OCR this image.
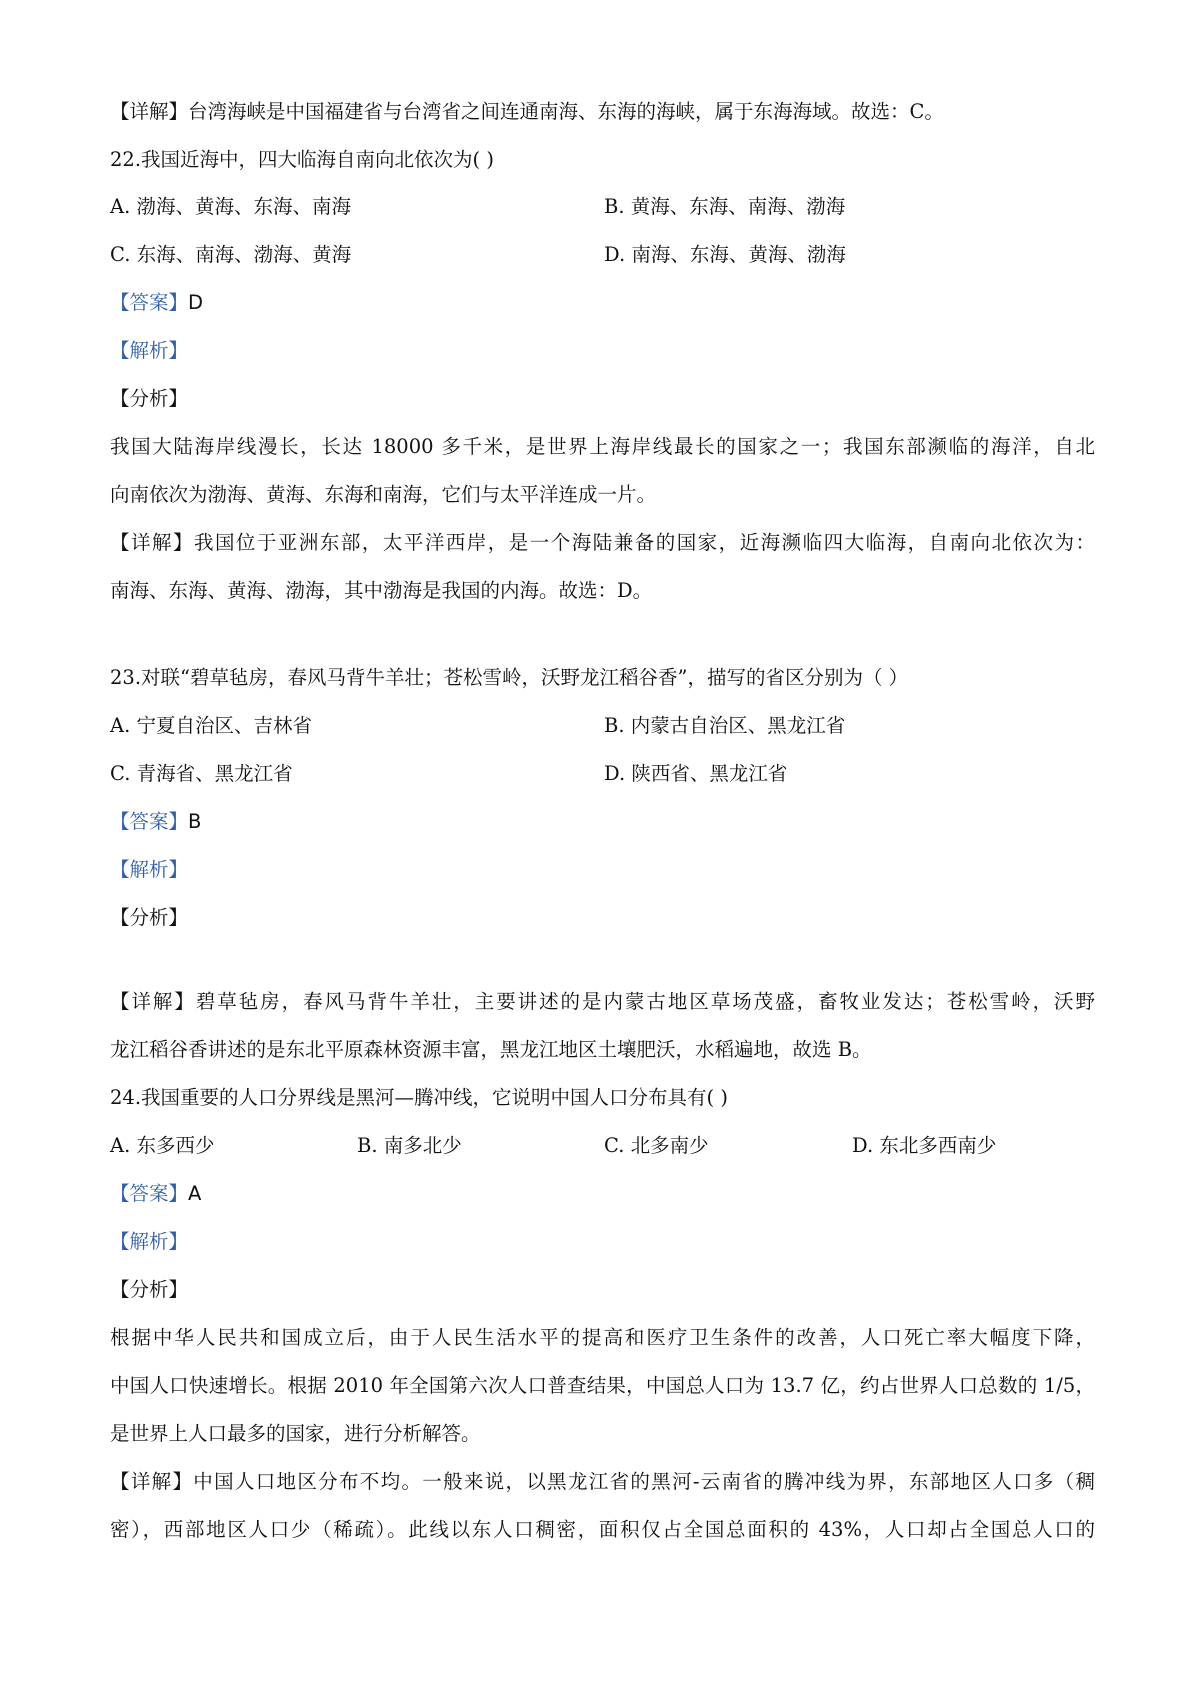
【详解】台湾海峡是中国福建省与台湾省之间连通南海、东海的海峡，属于东海海域。故选：C。
22.我国近海中，四大临海自南向北依次为( )
A. 渤海、黄海、东海、南海	B. 黄海、东海、南海、渤海
C. 东海、南海、渤海、黄海	D. 南海、东海、黄海、渤海
【答案】D
【解析】
【分析】
我国大陆海岸线漫长，长达 18000 多千米，是世界上海岸线最长的国家之一；我国东部濒临的海洋，自北
向南依次为渤海、黄海、东海和南海，它们与太平洋连成一片。
【详解】我国位于亚洲东部，太平洋西岸，是一个海陆兼备的国家，近海濒临四大临海，自南向北依次为：
南海、东海、黄海、渤海，其中渤海是我国的内海。故选：D。
23.对联“碧草毡房，春风马背牛羊壮；苍松雪岭，沃野龙江稻谷香”，描写的省区分别为（ ）
A. 宁夏自治区、吉林省	B. 内蒙古自治区、黑龙江省
C. 青海省、黑龙江省	D. 陕西省、黑龙江省
【答案】B
【解析】
【分析】
【详解】碧草毡房，春风马背牛羊壮，主要讲述的是内蒙古地区草场茂盛，畜牧业发达；苍松雪岭，沃野
龙江稻谷香讲述的是东北平原森林资源丰富，黑龙江地区土壤肥沃，水稻遍地，故选 B。
24.我国重要的人口分界线是黑河—腾冲线，它说明中国人口分布具有( )
A. 东多西少	B. 南多北少	C. 北多南少	D. 东北多西南少
【答案】A
【解析】
【分析】
根据中华人民共和国成立后，由于人民生活水平的提高和医疗卫生条件的改善，人口死亡率大幅度下降，
中国人口快速增长。根据 2010 年全国第六次人口普查结果，中国总人口为 13.7 亿，约占世界人口总数的 1/5，
是世界上人口最多的国家，进行分析解答。
【详解】中国人口地区分布不均。一般来说，以黑龙江省的黑河-云南省的腾冲线为界，东部地区人口多（稠
密），西部地区人口少（稀疏）。此线以东人口稠密，面积仅占全国总面积的 43%，人口却占全国总人口的
